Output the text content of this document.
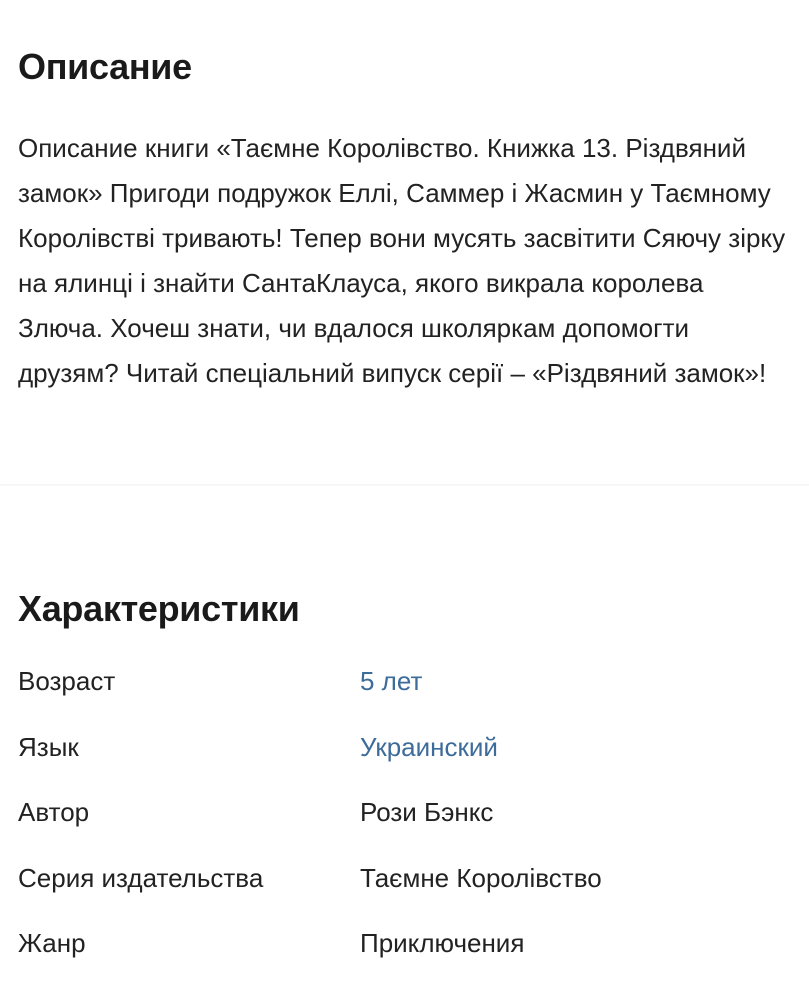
Описание

Описание книги «Таємне Королівство. Книжка 13. Різдвяний замок» Пригоди подружок Еллі, Саммер і Жасмин у Таємному Королівстві тривають! Тепер вони мусять засвітити Сяючу зірку на ялинці і знайти СантаКлауса, якого викрала королева Злюча. Хочеш знати, чи вдалося школяркам допомогти друзям? Читай спеціальний випуск серії – «Різдвяний замок»!

Характеристики
Возраст	5 лет
Язык	Украинский
Автор	Рози Бэнкс
Серия издательства	Таємне Королівство
Жанр	Приключения
